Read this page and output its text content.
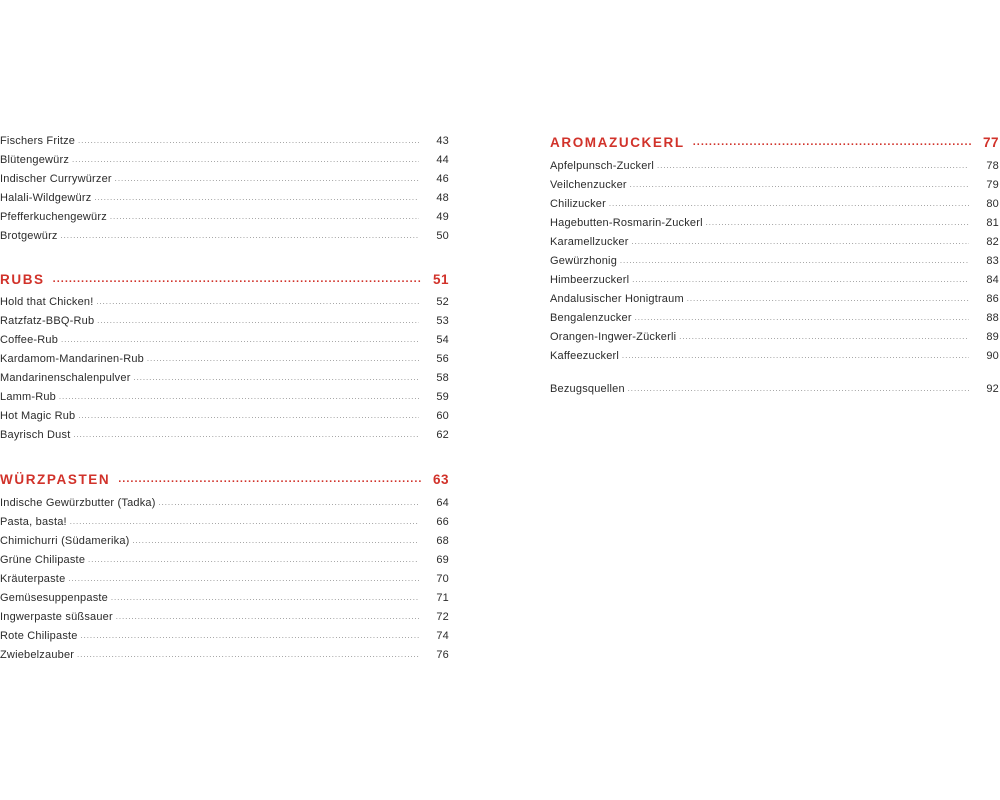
Fischers Fritze .....	43
Blütengewürz .....	44
Indischer Currywürzer .....	46
Halali-Wildgewürz .....	48
Pfefferkuchengewürz .....	49
Brotgewürz .....	50
RUBS .....	51
Hold that Chicken! .....	52
Ratzfatz-BBQ-Rub .....	53
Coffee-Rub .....	54
Kardamom-Mandarinen-Rub .....	56
Mandarinenschalenpulver .....	58
Lamm-Rub .....	59
Hot Magic Rub .....	60
Bayrisch Dust .....	62
WÜRZPASTEN .....	63
Indische Gewürzbutter (Tadka) .....	64
Pasta, basta! .....	66
Chimichurri (Südamerika) .....	68
Grüne Chilipaste .....	69
Kräuterpaste .....	70
Gemüsesuppenpaste .....	71
Ingwerpaste süßsauer .....	72
Rote Chilipaste .....	74
Zwiebelzauber .....	76
AROMAZUCKERL .....	77
Apfelpunsch-Zuckerl .....	78
Veilchenzucker .....	79
Chilizucker .....	80
Hagebutten-Rosmarin-Zuckerl .....	81
Karamellzucker .....	82
Gewürzhonig .....	83
Himbeerzuckerl .....	84
Andalusischer Honigtraum .....	86
Bengalenzucker .....	88
Orangen-Ingwer-Zückerli .....	89
Kaffeezuckerl .....	90
Bezugsquellen .....	92
